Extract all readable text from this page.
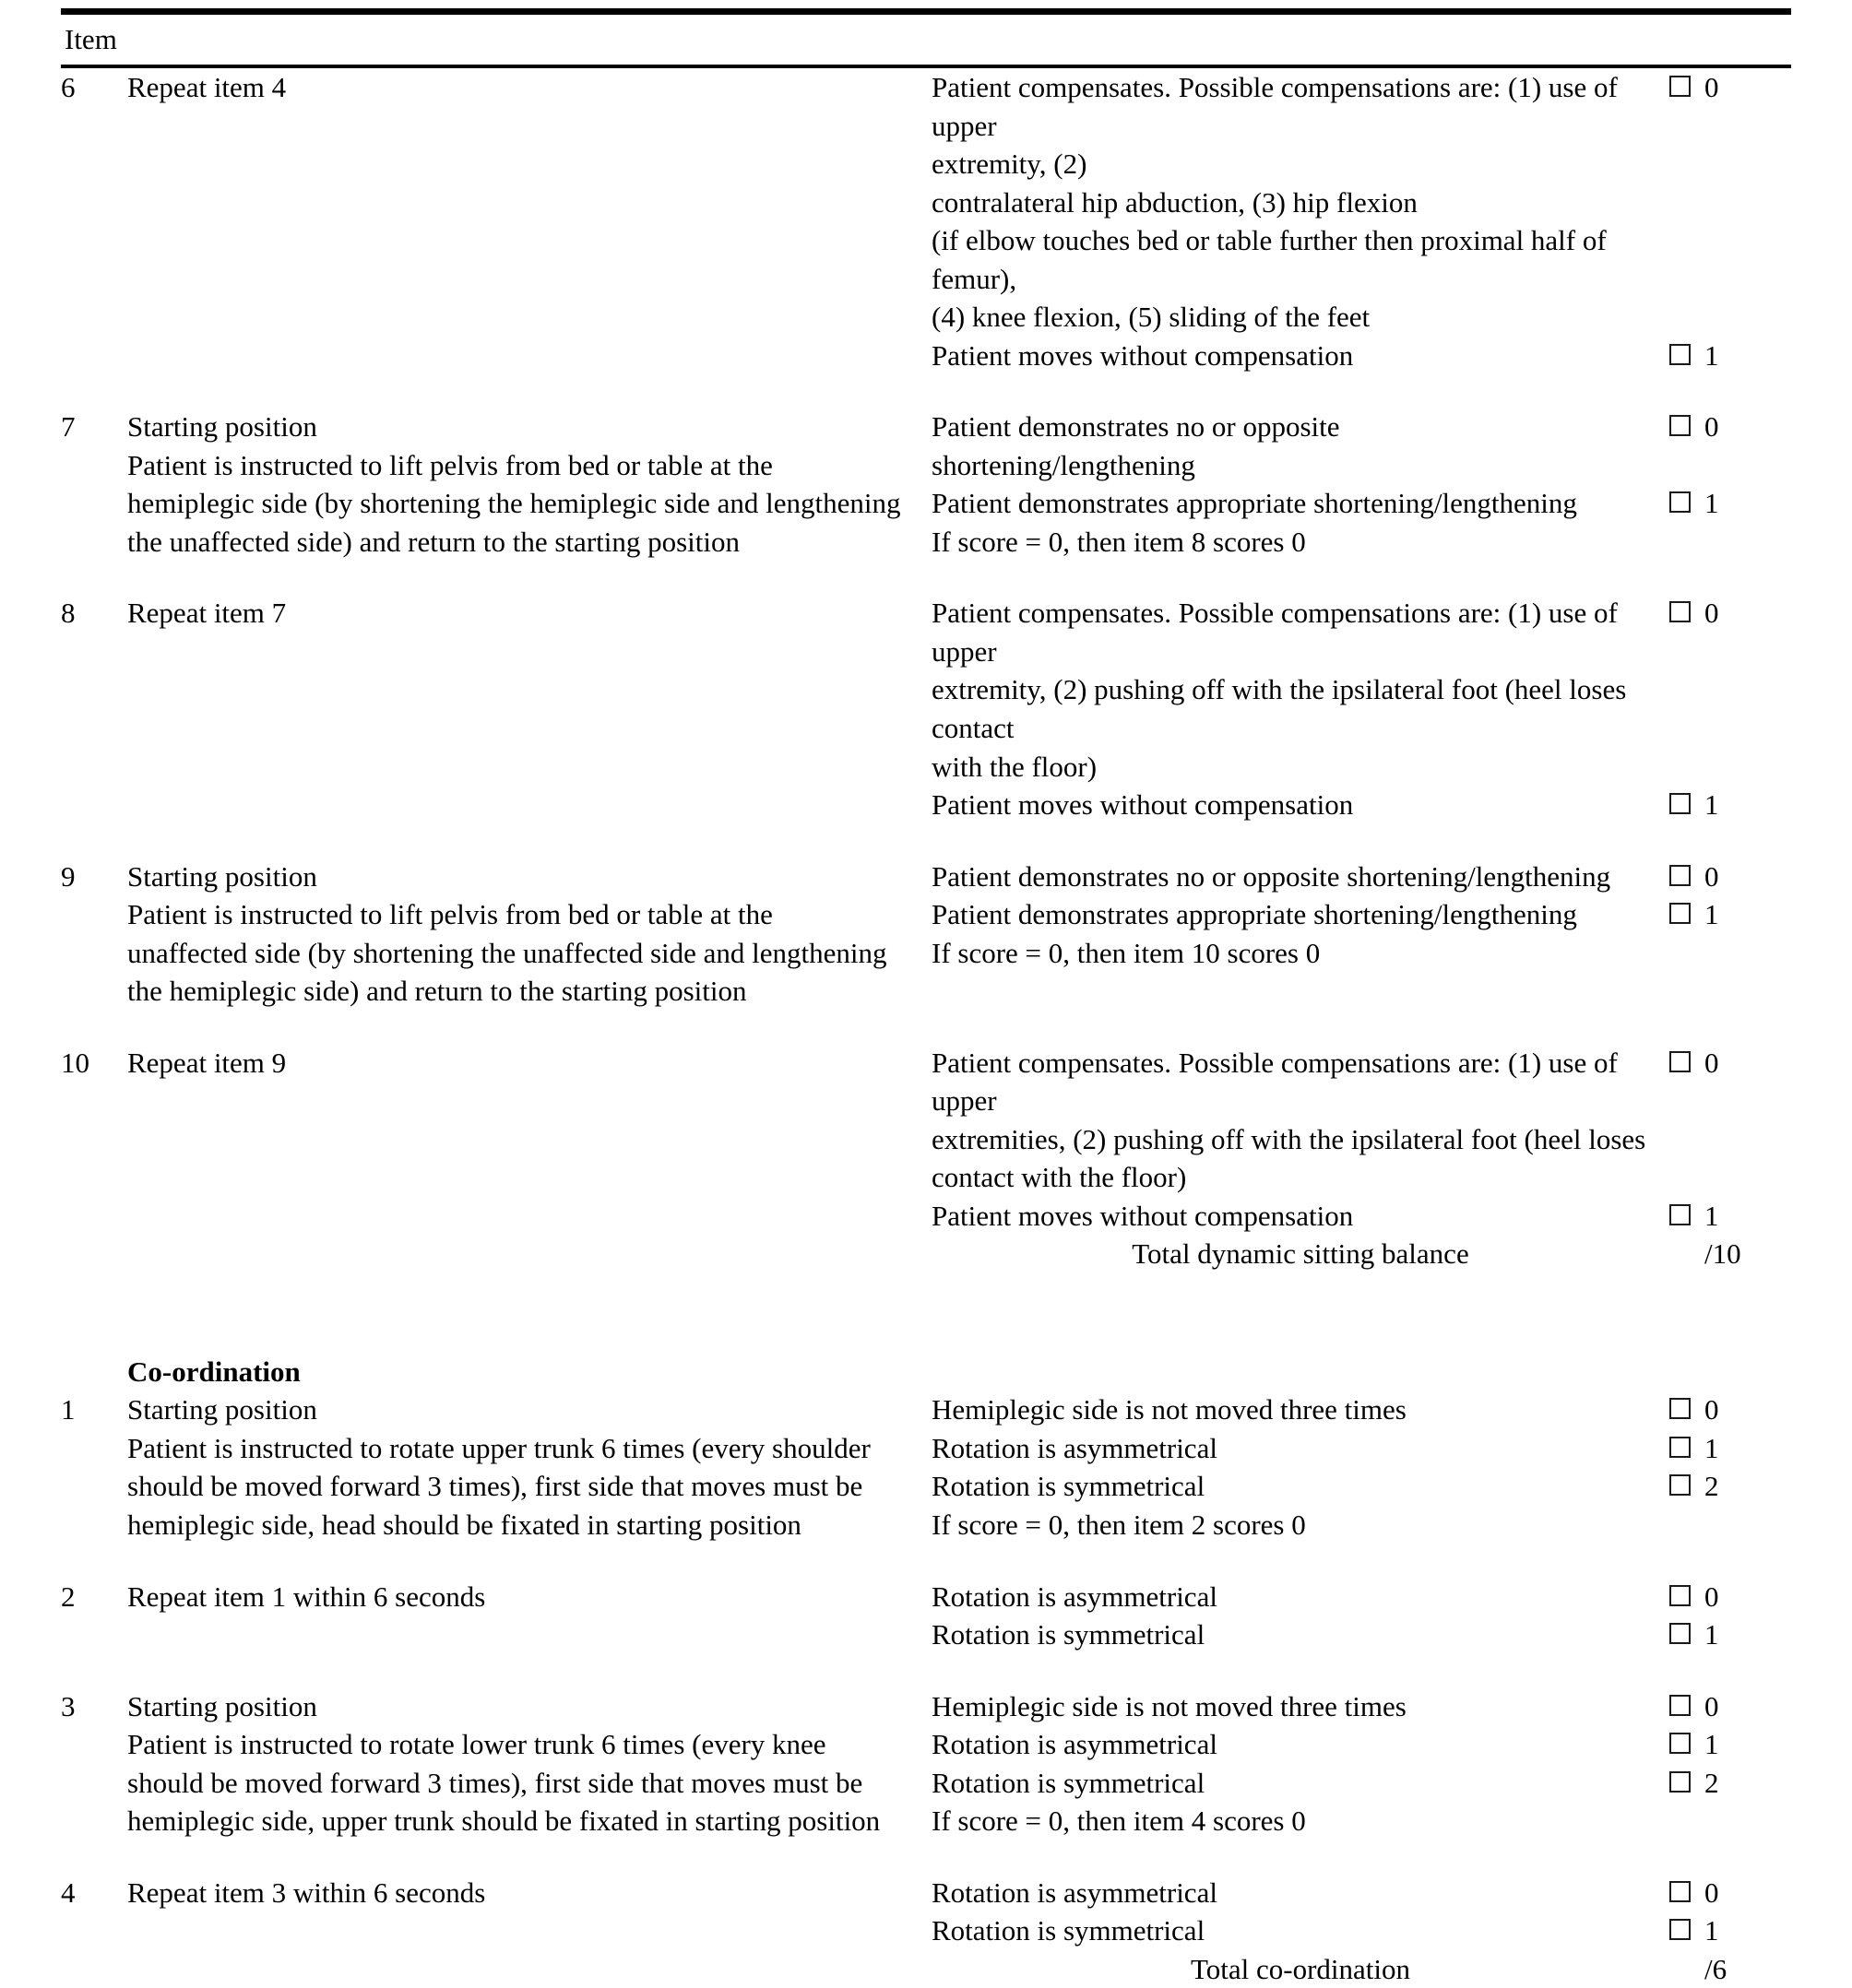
Item
6	Repeat item 4	Patient compensates. Possible compensations are: (1) use of upper		0
		extremity, (2)		
		contralateral hip abduction, (3) hip flexion		
		(if elbow touches bed or table further then proximal half of femur),		
		(4) knee flexion, (5) sliding of the feet		
		Patient moves without compensation		1

7	Starting position	Patient demonstrates no or opposite		0
	Patient is instructed to lift pelvis from bed or table at the	shortening/lengthening		
	hemiplegic side (by shortening the hemiplegic side and lengthening	Patient demonstrates appropriate shortening/lengthening		1
	the unaffected side) and return to the starting position	If score = 0, then item 8 scores 0		

8	Repeat item 7	Patient compensates. Possible compensations are: (1) use of upper		0
		extremity, (2) pushing off with the ipsilateral foot (heel loses contact		
		with the floor)		
		Patient moves without compensation		1

9	Starting position	Patient demonstrates no or opposite shortening/lengthening		0
	Patient is instructed to lift pelvis from bed or table at the	Patient demonstrates appropriate shortening/lengthening		1
	unaffected side (by shortening the unaffected side and lengthening	If score = 0, then item 10 scores 0		
	the hemiplegic side) and return to the starting position			

10	Repeat item 9	Patient compensates. Possible compensations are: (1) use of upper		0
		extremities, (2) pushing off with the ipsilateral foot (heel loses		
		contact with the floor)		
		Patient moves without compensation		1
		Total dynamic sitting balance		/10

	Co-ordination			
1	Starting position	Hemiplegic side is not moved three times		0
	Patient is instructed to rotate upper trunk 6 times (every shoulder	Rotation is asymmetrical		1
	should be moved forward 3 times), first side that moves must be	Rotation is symmetrical		2
	hemiplegic side, head should be fixated in starting position	If score = 0, then item 2 scores 0		

2	Repeat item 1 within 6 seconds	Rotation is asymmetrical		0
		Rotation is symmetrical		1

3	Starting position	Hemiplegic side is not moved three times		0
	Patient is instructed to rotate lower trunk 6 times (every knee	Rotation is asymmetrical		1
	should be moved forward 3 times), first side that moves must be	Rotation is symmetrical		2
	hemiplegic side, upper trunk should be fixated in starting position	If score = 0, then item 4 scores 0		

4	Repeat item 3 within 6 seconds	Rotation is asymmetrical		0
		Rotation is symmetrical		1
		Total co-ordination		/6
